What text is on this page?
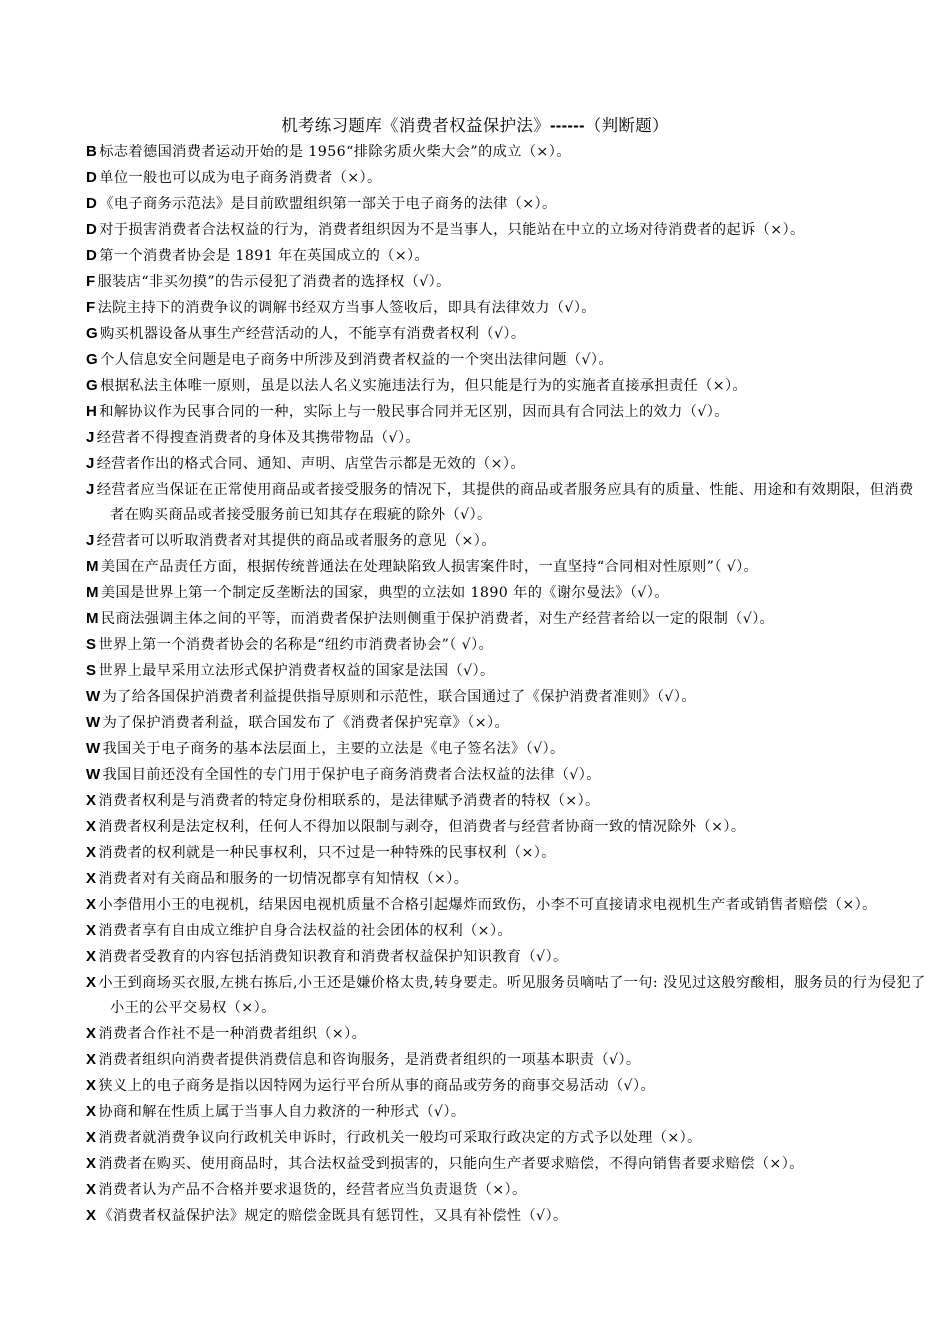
机考练习题库《消费者权益保护法》------（判断题）
B 标志着德国消费者运动开始的是 1956“排除劣质火柴大会”的成立（×）。
D 单位一般也可以成为电子商务消费者（×）。
D 《电子商务示范法》是目前欧盟组织第一部关于电子商务的法律（×）。
D 对于损害消费者合法权益的行为，消费者组织因为不是当事人，只能站在中立的立场对待消费者的起诉（×）。
D 第一个消费者协会是 1891 年在英国成立的（×）。
F 服装店“非买勿摸”的告示侵犯了消费者的选择权（√）。
F 法院主持下的消费争议的调解书经双方当事人签收后，即具有法律效力（√）。
G 购买机器设备从事生产经营活动的人，不能享有消费者权利（√）。
G 个人信息安全问题是电子商务中所涉及到消费者权益的一个突出法律问题（√）。
G 根据私法主体唯一原则，虽是以法人名义实施违法行为，但只能是行为的实施者直接承担责任（×）。
H 和解协议作为民事合同的一种，实际上与一般民事合同并无区别，因而具有合同法上的效力（√）。
J 经营者不得搜查消费者的身体及其携带物品（√）。
J 经营者作出的格式合同、通知、声明、店堂告示都是无效的（×）。
J 经营者应当保证在正常使用商品或者接受服务的情况下，其提供的商品或者服务应具有的质量、性能、用途和有效期限，但消费者在购买商品或者接受服务前已知其存在瑕疵的除外（√）。
J 经营者可以听取消费者对其提供的商品或者服务的意见（×）。
M 美国在产品责任方面，根据传统普通法在处理缺陷致人损害案件时，一直坚持“合同相对性原则”（ √）。
M 美国是世界上第一个制定反垄断法的国家，典型的立法如 1890 年的《谢尔曼法》（√）。
M 民商法强调主体之间的平等，而消费者保护法则侧重于保护消费者，对生产经营者给以一定的限制（√）。
S 世界上第一个消费者协会的名称是“纽约市消费者协会”（ √）。
S 世界上最早采用立法形式保护消费者权益的国家是法国（√）。
W 为了给各国保护消费者利益提供指导原则和示范性，联合国通过了《保护消费者准则》（√）。
W 为了保护消费者利益，联合国发布了《消费者保护宪章》（×）。
W 我国关于电子商务的基本法层面上，主要的立法是《电子签名法》（√）。
W 我国目前还没有全国性的专门用于保护电子商务消费者合法权益的法律（√）。
X 消费者权利是与消费者的特定身份相联系的，是法律赋予消费者的特权（×）。
X 消费者权利是法定权利，任何人不得加以限制与剥夺，但消费者与经营者协商一致的情况除外（×）。
X 消费者的权利就是一种民事权利，只不过是一种特殊的民事权利（×）。
X 消费者对有关商品和服务的一切情况都享有知情权（×）。
X 小李借用小王的电视机，结果因电视机质量不合格引起爆炸而致伤，小李不可直接请求电视机生产者或销售者赔偿（×）。
X 消费者享有自由成立维护自身合法权益的社会团体的权利（×）。
X 消费者受教育的内容包括消费知识教育和消费者权益保护知识教育（√）。
X 小王到商场买衣服,左挑右拣后,小王还是嫌价格太贵,转身要走。听见服务员嘀咕了一句: 没见过这般穷酸相，服务员的行为侵犯了小王的公平交易权（×）。
X 消费者合作社不是一种消费者组织（×）。
X 消费者组织向消费者提供消费信息和咨询服务，是消费者组织的一项基本职责（√）。
X 狭义上的电子商务是指以因特网为运行平台所从事的商品或劳务的商事交易活动（√）。
X 协商和解在性质上属于当事人自力救济的一种形式（√）。
X 消费者就消费争议向行政机关申诉时，行政机关一般均可采取行政决定的方式予以处理（×）。
X 消费者在购买、使用商品时，其合法权益受到损害的，只能向生产者要求赔偿，不得向销售者要求赔偿（×）。
X 消费者认为产品不合格并要求退货的，经营者应当负责退货（×）。
X 《消费者权益保护法》规定的赔偿金既具有惩罚性，又具有补偿性（√）。
